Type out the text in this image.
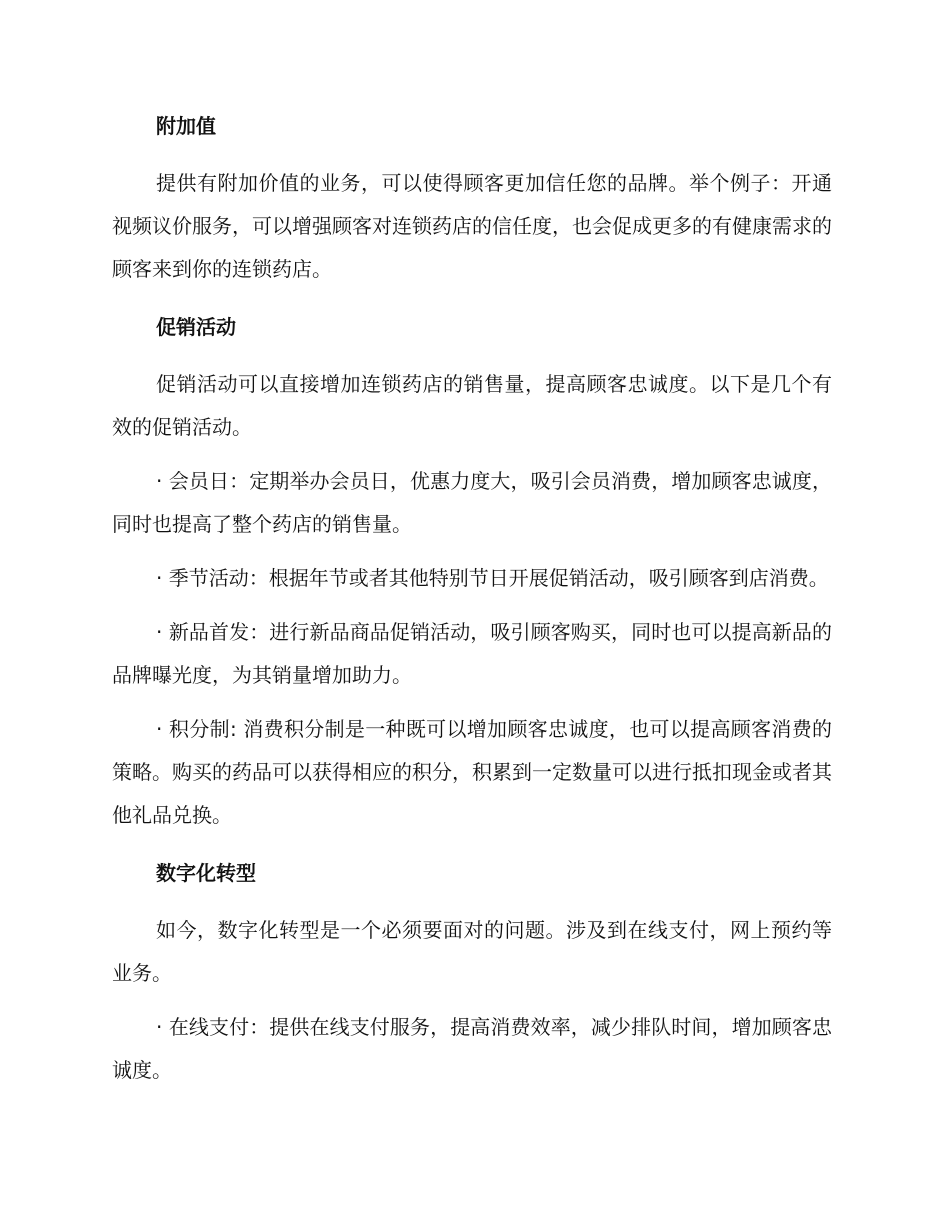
附加值

提供有附加价值的业务，可以使得顾客更加信任您的品牌。举个例子：开通视频议价服务，可以增强顾客对连锁药店的信任度，也会促成更多的有健康需求的顾客来到你的连锁药店。

促销活动

促销活动可以直接增加连锁药店的销售量，提高顾客忠诚度。以下是几个有效的促销活动。

· 会员日：定期举办会员日，优惠力度大，吸引会员消费，增加顾客忠诚度，同时也提高了整个药店的销售量。

· 季节活动：根据年节或者其他特别节日开展促销活动，吸引顾客到店消费。

· 新品首发：进行新品商品促销活动，吸引顾客购买，同时也可以提高新品的品牌曝光度，为其销量增加助力。

· 积分制: 消费积分制是一种既可以增加顾客忠诚度，也可以提高顾客消费的策略。购买的药品可以获得相应的积分，积累到一定数量可以进行抵扣现金或者其他礼品兑换。

数字化转型

如今，数字化转型是一个必须要面对的问题。涉及到在线支付，网上预约等业务。

· 在线支付：提供在线支付服务，提高消费效率，减少排队时间，增加顾客忠诚度。
